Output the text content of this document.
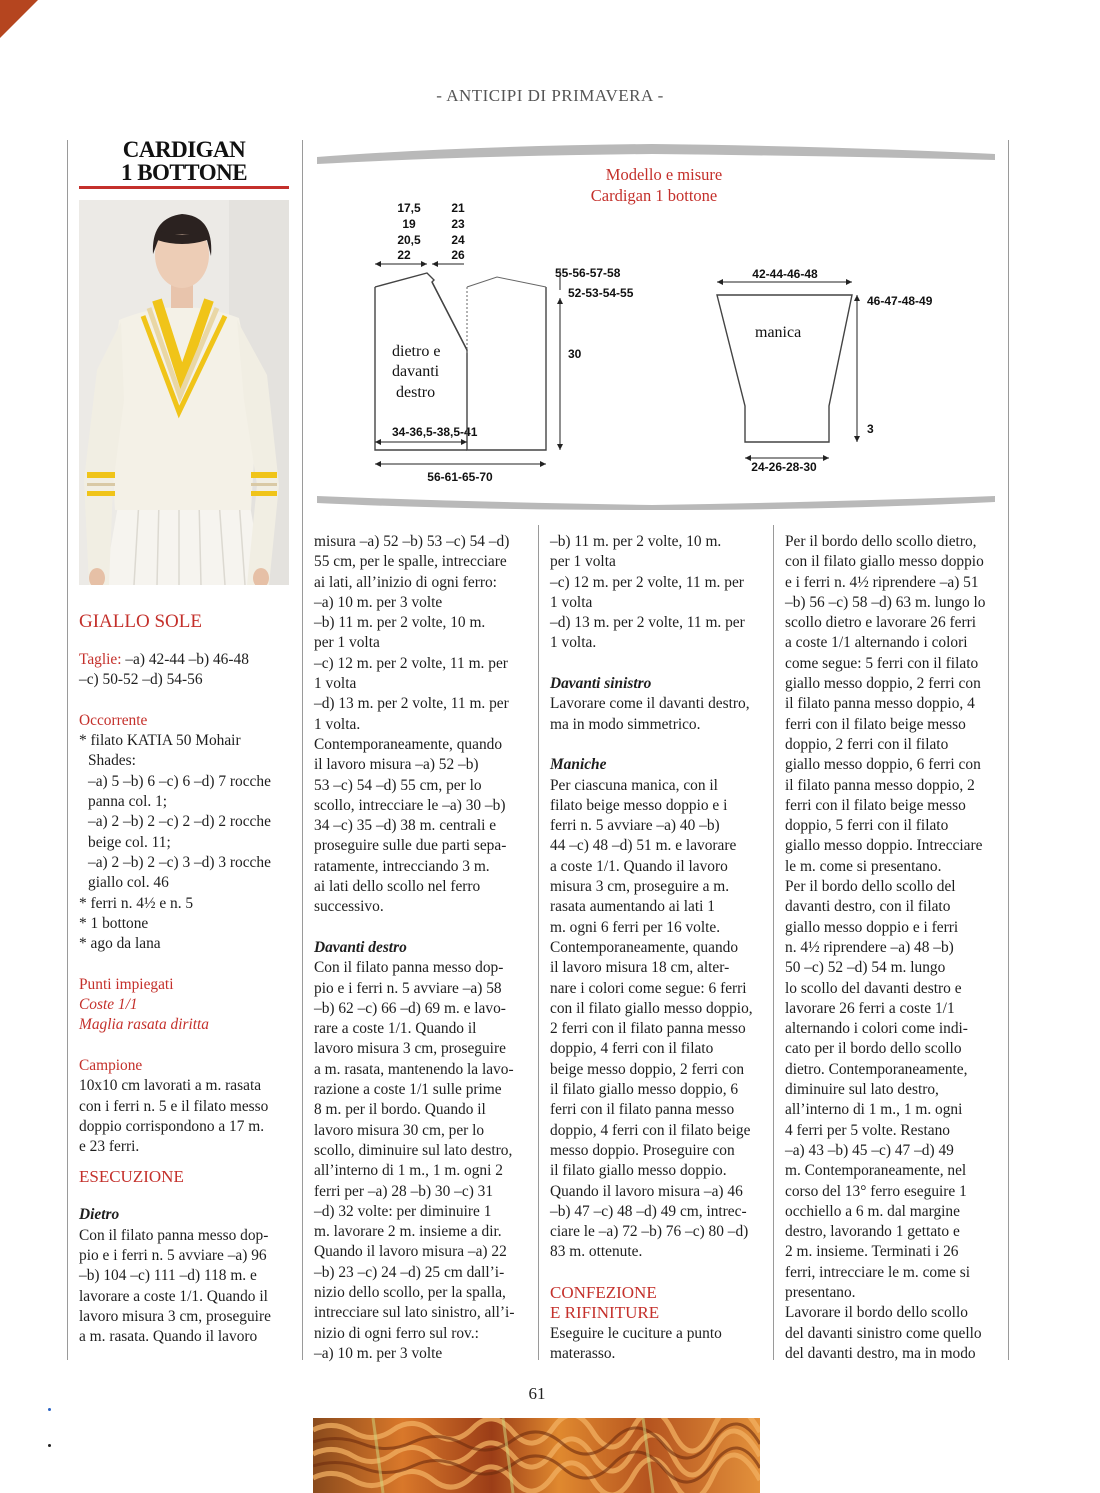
- ANTICIPI DI PRIMAVERA -
CARDIGAN
1 BOTTONE	Modello e misure
Cardigan 1 bottone
17,5
19
20,5
22
21
23
24
26
55-56-57-58
52-53-54-55
30
34-36,5-38,5-41
56-61-65-70
42-44-46-48
46-47-48-49
3
24-26-28-30
dietro e
davanti
destro
manica

GIALLO SOLE

Taglie: –a) 42-44 –b) 46-48

–c) 50-52 –d) 54-56

Occorrente

* filato KATIA 50 Mohair

Shades:

–a) 5 –b) 6 –c) 6 –d) 7 rocche

panna col. 1;

–a) 2 –b) 2 –c) 2 –d) 2 rocche

beige col. 11;

–a) 2 –b) 2 –c) 3 –d) 3 rocche

giallo col. 46

* ferri n. 4½ e n. 5

* 1 bottone

* ago da lana

Punti impiegati

Coste 1/1

Maglia rasata diritta

Campione

10x10 cm lavorati a m. rasata

con i ferri n. 5 e il filato messo

doppio corrispondono a 17 m.

e 23 ferri.

ESECUZIONE

Dietro

Con il filato panna messo dop-

pio e i ferri n. 5 avviare –a) 96

–b) 104 –c) 111 –d) 118 m. e

lavorare a coste 1/1. Quando il

lavoro misura 3 cm, proseguire

a m. rasata. Quando il lavoro

misura –a) 52 –b) 53 –c) 54 –d)

55 cm, per le spalle, intrecciare

ai lati, all’inizio di ogni ferro:

–a) 10 m. per 3 volte

–b) 11 m. per 2 volte, 10 m.

per 1 volta

–c) 12 m. per 2 volte, 11 m. per

1 volta

–d) 13 m. per 2 volte, 11 m. per

1 volta.

Contemporaneamente, quando

il lavoro misura –a) 52 –b)

53 –c) 54 –d) 55 cm, per lo

scollo, intrecciare le –a) 30 –b)

34 –c) 35 –d) 38 m. centrali e

proseguire sulle due parti sepa-

ratamente, intrecciando 3 m.

ai lati dello scollo nel ferro

successivo.

Davanti destro

Con il filato panna messo dop-

pio e i ferri n. 5 avviare –a) 58

–b) 62 –c) 66 –d) 69 m. e lavo-

rare a coste 1/1. Quando il

lavoro misura 3 cm, proseguire

a m. rasata, mantenendo la lavo-

razione a coste 1/1 sulle prime

8 m. per il bordo. Quando il

lavoro misura 30 cm, per lo

scollo, diminuire sul lato destro,

all’interno di 1 m., 1 m. ogni 2

ferri per –a) 28 –b) 30 –c) 31

–d) 32 volte: per diminuire 1

m. lavorare 2 m. insieme a dir.

Quando il lavoro misura –a) 22

–b) 23 –c) 24 –d) 25 cm dall’i-

nizio dello scollo, per la spalla,

intrecciare sul lato sinistro, all’i-

nizio di ogni ferro sul rov.:

–a) 10 m. per 3 volte

–b) 11 m. per 2 volte, 10 m.

per 1 volta

–c) 12 m. per 2 volte, 11 m. per

1 volta

–d) 13 m. per 2 volte, 11 m. per

1 volta.

Davanti sinistro

Lavorare come il davanti destro,

ma in modo simmetrico.

Maniche

Per ciascuna manica, con il

filato beige messo doppio e i

ferri n. 5 avviare –a) 40 –b)

44 –c) 48 –d) 51 m. e lavorare

a coste 1/1. Quando il lavoro

misura 3 cm, proseguire a m.

rasata aumentando ai lati 1

m. ogni 6 ferri per 16 volte.

Contemporaneamente, quando

il lavoro misura 18 cm, alter-

nare i colori come segue: 6 ferri

con il filato giallo messo doppio,

2 ferri con il filato panna messo

doppio, 4 ferri con il filato

beige messo doppio, 2 ferri con

il filato giallo messo doppio, 6

ferri con il filato panna messo

doppio, 4 ferri con il filato beige

messo doppio. Proseguire con

il filato giallo messo doppio.

Quando il lavoro misura –a) 46

–b) 47 –c) 48 –d) 49 cm, intrec-

ciare le –a) 72 –b) 76 –c) 80 –d)

83 m. ottenute.

CONFEZIONE

E RIFINITURE

Eseguire le cuciture a punto

materasso.

Per il bordo dello scollo dietro,

con il filato giallo messo doppio

e i ferri n. 4½ riprendere –a) 51

–b) 56 –c) 58 –d) 63 m. lungo lo

scollo dietro e lavorare 26 ferri

a coste 1/1 alternando i colori

come segue: 5 ferri con il filato

giallo messo doppio, 2 ferri con

il filato panna messo doppio, 4

ferri con il filato beige messo

doppio, 2 ferri con il filato

giallo messo doppio, 6 ferri con

il filato panna messo doppio, 2

ferri con il filato beige messo

doppio, 5 ferri con il filato

giallo messo doppio. Intrecciare

le m. come si presentano.

Per il bordo dello scollo del

davanti destro, con il filato

giallo messo doppio e i ferri

n. 4½ riprendere –a) 48 –b)

50 –c) 52 –d) 54 m. lungo

lo scollo del davanti destro e

lavorare 26 ferri a coste 1/1

alternando i colori come indi-

cato per il bordo dello scollo

dietro. Contemporaneamente,

diminuire sul lato destro,

all’interno di 1 m., 1 m. ogni

4 ferri per 5 volte. Restano

–a) 43 –b) 45 –c) 47 –d) 49

m. Contemporaneamente, nel

corso del 13° ferro eseguire 1

occhiello a 6 m. dal margine

destro, lavorando 1 gettato e

2 m. insieme. Terminati i 26

ferri, intrecciare le m. come si

presentano.

Lavorare il bordo dello scollo

del davanti sinistro come quello

del davanti destro, ma in modo

61
